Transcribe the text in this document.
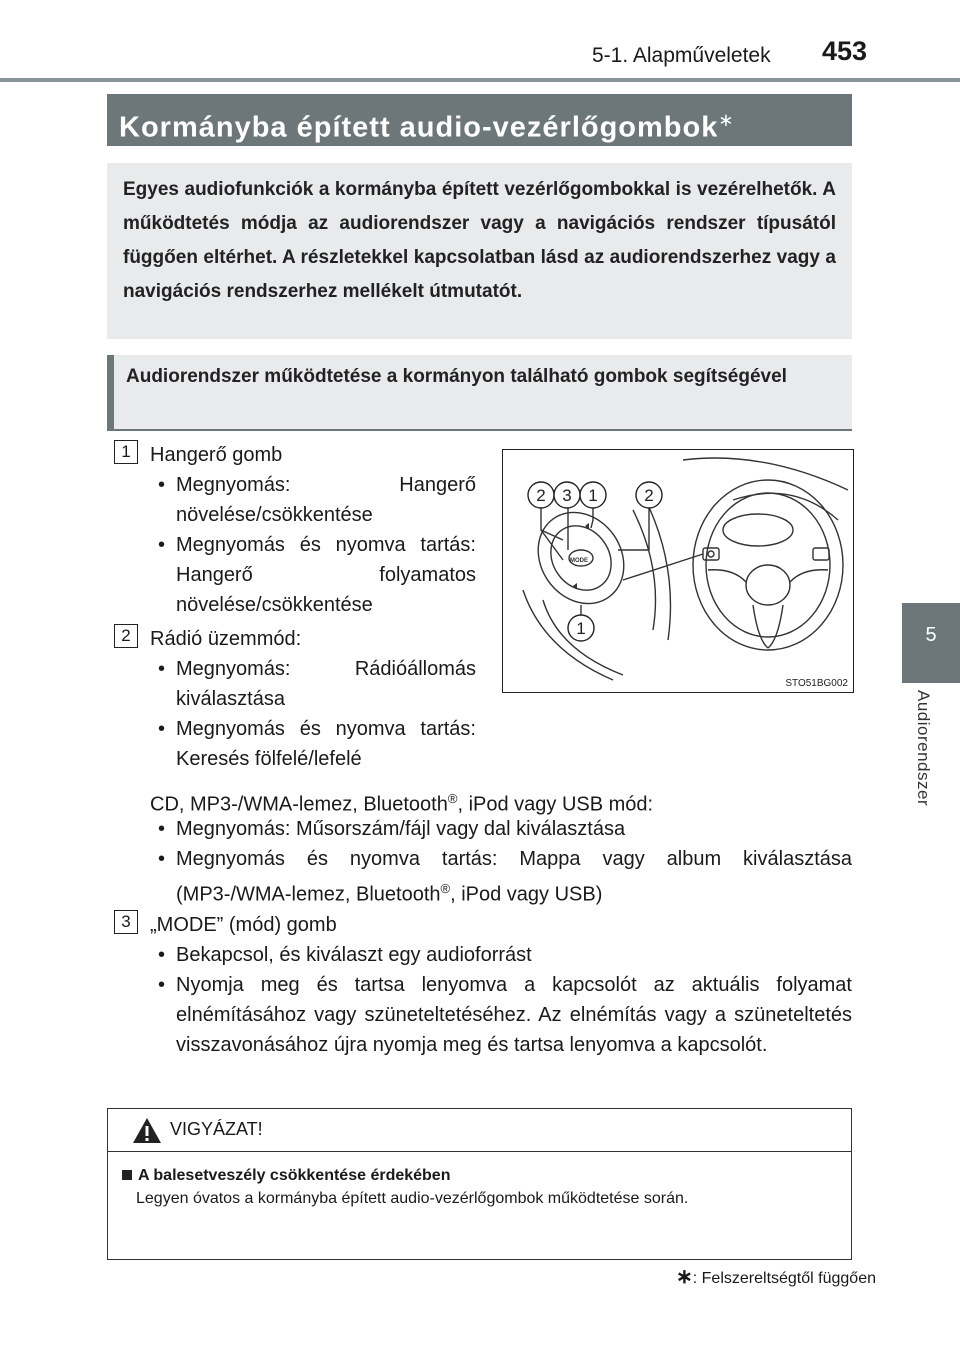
5-1. Alapműveletek 453
5
Audiorendszer
Kormányba épített audio-vezérlőgombok∗
Egyes audiofunkciók a kormányba épített vezérlőgombokkal is vezérelhetők. A működtetés módja az audiorendszer vagy a navigációs rendszer típusától függően eltérhet. A részletekkel kapcsolatban lásd az audiorendszerhez vagy a navigációs rendszerhez mellékelt útmutatót.
Audiorendszer működtetése a kormányon található gombok segítségével
1 Hangerő gomb
• Megnyomás: Hangerő növelése/csökkentése
• Megnyomás és nyomva tartás: Hangerő folyamatos növelése/csökkentése
2 Rádió üzemmód:
• Megnyomás: Rádióállomás kiválasztása
• Megnyomás és nyomva tartás: Keresés fölfelé/lefelé
CD, MP3-/WMA-lemez, Bluetooth®, iPod vagy USB mód:
• Megnyomás: Műsorszám/fájl vagy dal kiválasztása
• Megnyomás és nyomva tartás: Mappa vagy album kiválasztása (MP3-/WMA-lemez, Bluetooth®, iPod vagy USB)
3 „MODE” (mód) gomb
• Bekapcsol, és kiválaszt egy audioforrást
• Nyomja meg és tartsa lenyomva a kapcsolót az aktuális folyamat elnémításához vagy szüneteltetéséhez. Az elnémítás vagy a szüneteltetés visszavonásához újra nyomja meg és tartsa lenyomva a kapcsolót.
MODE
2 3 1	2
1
STO51BG002
VIGYÁZAT!
A balesetveszély csökkentése érdekében
Legyen óvatos a kormányba épített audio-vezérlőgombok működtetése során.
∗: Felszereltségtől függően
